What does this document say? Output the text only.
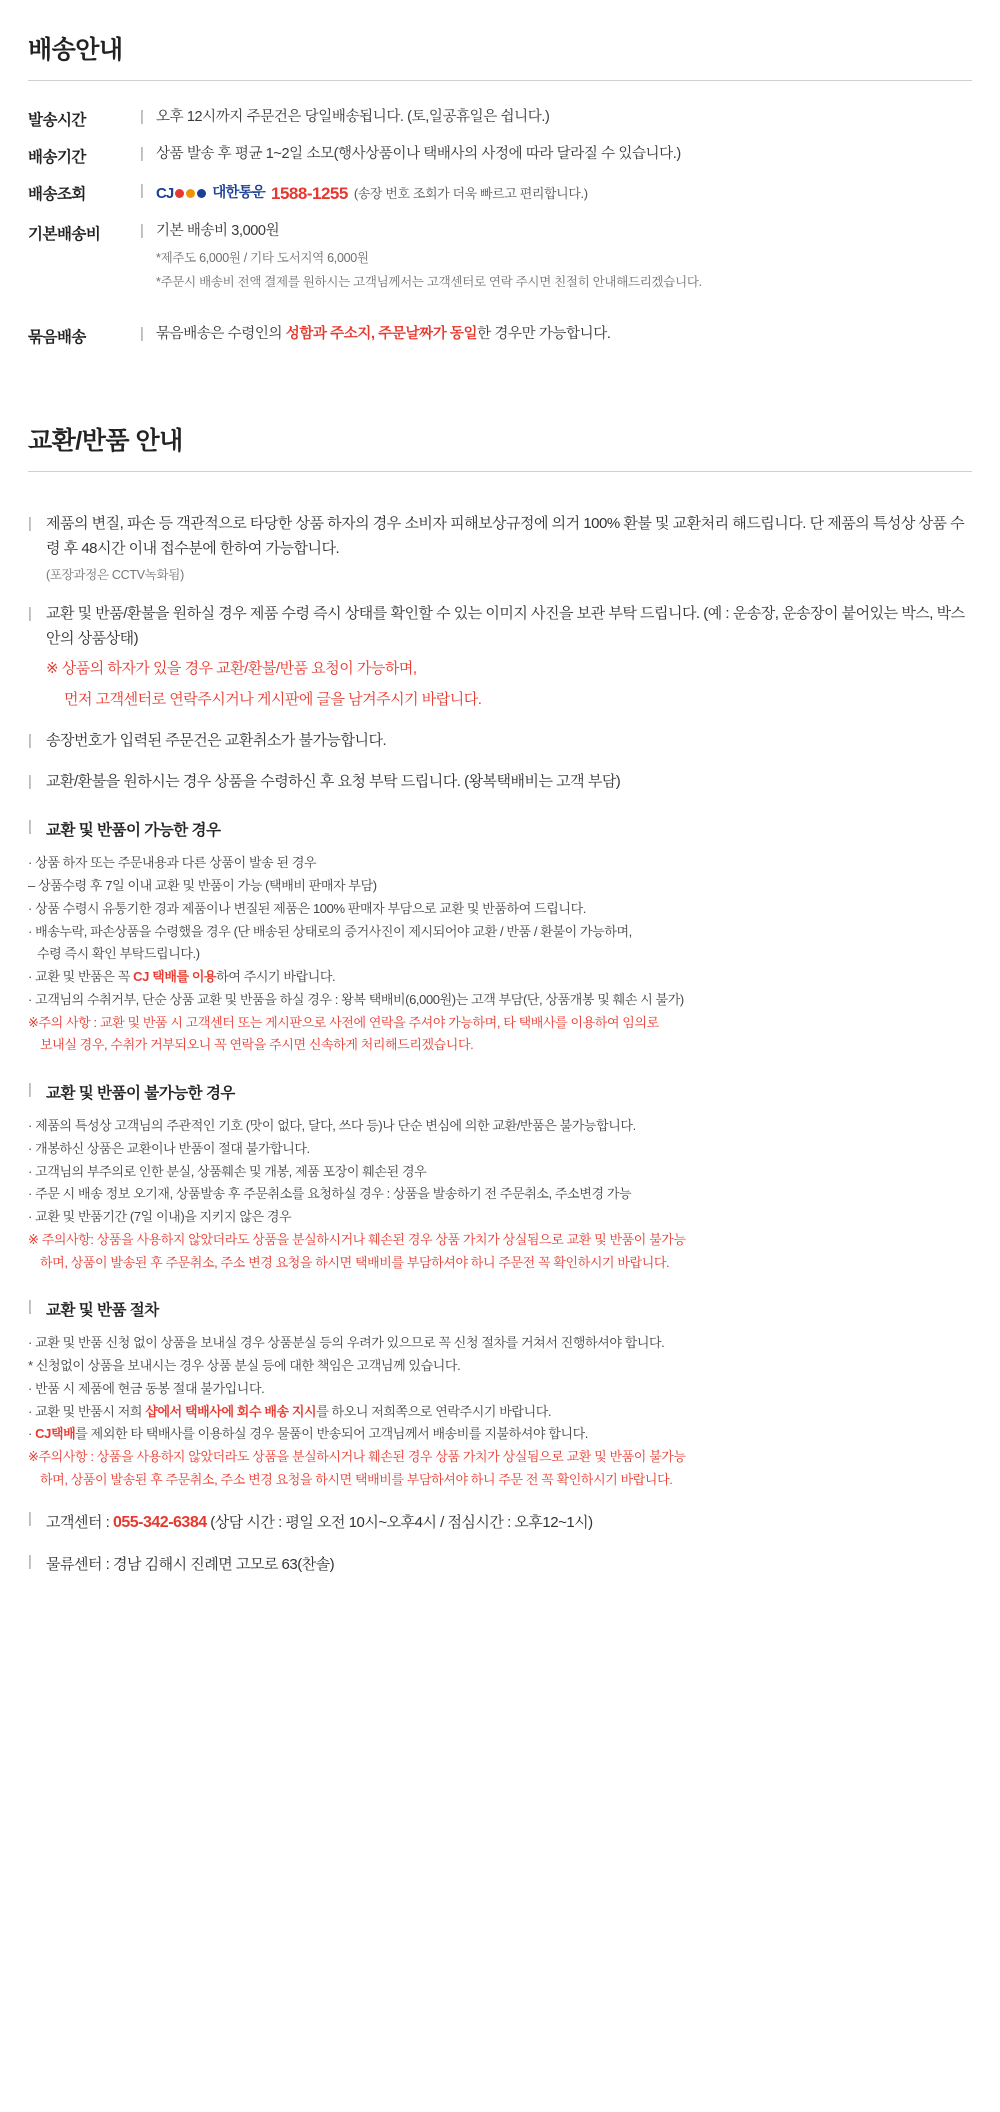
배송안내
발송시간	| 오후 12시까지 주문건은 당일배송됩니다. (토,일공휴일은 쉽니다.)
배송기간	| 상품 발송 후 평균 1~2일 소모(행사상품이나 택배사의 사정에 따라 달라질 수 있습니다.)
배송조회	| CJ	대한통운 1588-1255 (송장 번호 조회가 더욱 빠르고 편리합니다.)
기본배송비	| 기본 배송비 3,000원
*제주도 6,000원 / 기타 도서지역 6,000원
*주문시 배송비 전액 결제를 원하시는 고객님께서는 고객센터로 연락 주시면 친절히 안내해드리겠습니다.
묶음배송	| 묶음배송은 수령인의 성함과 주소지, 주문날짜가 동일한 경우만 가능합니다.
교환/반품 안내
| 제품의 변질, 파손 등 객관적으로 타당한 상품 하자의 경우 소비자 피해보상규정에 의거 100% 환불 및 교환처리 해드립니다. 단 제품의 특성상 상품 수령 후 48시간 이내 접수분에 한하여 가능합니다.
(포장과정은 CCTV녹화됨)
| 교환 및 반품/환불을 원하실 경우 제품 수령 즉시 상태를 확인할 수 있는 이미지 사진을 보관 부탁 드립니다. (예 : 운송장, 운송장이 붙어있는 박스, 박스안의 상품상태)
※ 상품의 하자가 있을 경우 교환/환불/반품 요청이 가능하며,
먼저 고객센터로 연락주시거나 게시판에 글을 남겨주시기 바랍니다.
| 송장번호가 입력된 주문건은 교환취소가 불가능합니다.
| 교환/환불을 원하시는 경우 상품을 수령하신 후 요청 부탁 드립니다. (왕복택배비는 고객 부담)
| 교환 및 반품이 가능한 경우
· 상품 하자 또는 주문내용과 다른 상품이 발송 된 경우
– 상품수령 후 7일 이내 교환 및 반품이 가능 (택배비 판매자 부담)
· 상품 수령시 유통기한 경과 제품이나 변질된 제품은 100% 판매자 부담으로 교환 및 반품하여 드립니다.
· 배송누락, 파손상품을 수령했을 경우 (단 배송된 상태로의 증거사진이 제시되어야 교환 / 반품 / 환불이 가능하며,
수령 즉시 확인 부탁드립니다.)
· 교환 및 반품은 꼭 CJ 택배를 이용하여 주시기 바랍니다.
· 고객님의 수취거부, 단순 상품 교환 및 반품을 하실 경우 : 왕복 택배비(6,000원)는 고객 부담(단, 상품개봉 및 훼손 시 불가)
※주의 사항 : 교환 및 반품 시 고객센터 또는 게시판으로 사전에 연락을 주셔야 가능하며, 타 택배사를 이용하여 임의로
보내실 경우, 수취가 거부되오니 꼭 연락을 주시면 신속하게 처리해드리겠습니다.
| 교환 및 반품이 불가능한 경우
· 제품의 특성상 고객님의 주관적인 기호 (맛이 없다, 달다, 쓰다 등)나 단순 변심에 의한 교환/반품은 불가능합니다.
· 개봉하신 상품은 교환이나 반품이 절대 불가합니다.
· 고객님의 부주의로 인한 분실, 상품훼손 및 개봉, 제품 포장이 훼손된 경우
· 주문 시 배송 정보 오기재, 상품발송 후 주문취소를 요청하실 경우 : 상품을 발송하기 전 주문취소, 주소변경 가능
· 교환 및 반품기간 (7일 이내)을 지키지 않은 경우
※ 주의사항: 상품을 사용하지 않았더라도 상품을 분실하시거나 훼손된 경우 상품 가치가 상실됨으로 교환 및 반품이 불가능
하며, 상품이 발송된 후 주문취소, 주소 변경 요청을 하시면 택배비를 부담하셔야 하니 주문전 꼭 확인하시기 바랍니다.
| 교환 및 반품 절차
· 교환 및 반품 신청 없이 상품을 보내실 경우 상품분실 등의 우려가 있으므로 꼭 신청 절차를 거쳐서 진행하셔야 합니다.
* 신청없이 상품을 보내시는 경우 상품 분실 등에 대한 책임은 고객님께 있습니다.
· 반품 시 제품에 현금 동봉 절대 불가입니다.
· 교환 및 반품시 저희 샵에서 택배사에 회수 배송 지시를 하오니 저희쪽으로 연락주시기 바랍니다.
· CJ택배를 제외한 타 택배사를 이용하실 경우 물품이 반송되어 고객님께서 배송비를 지불하셔야 합니다.
※주의사항 : 상품을 사용하지 않았더라도 상품을 분실하시거나 훼손된 경우 상품 가치가 상실됨으로 교환 및 반품이 불가능
하며, 상품이 발송된 후 주문취소, 주소 변경 요청을 하시면 택배비를 부담하셔야 하니 주문 전 꼭 확인하시기 바랍니다.
| 고객센터 : 055-342-6384 (상담 시간 : 평일 오전 10시~오후4시 / 점심시간 : 오후12~1시)
| 물류센터 : 경남 김해시 진례면 고모로 63(찬솔)
